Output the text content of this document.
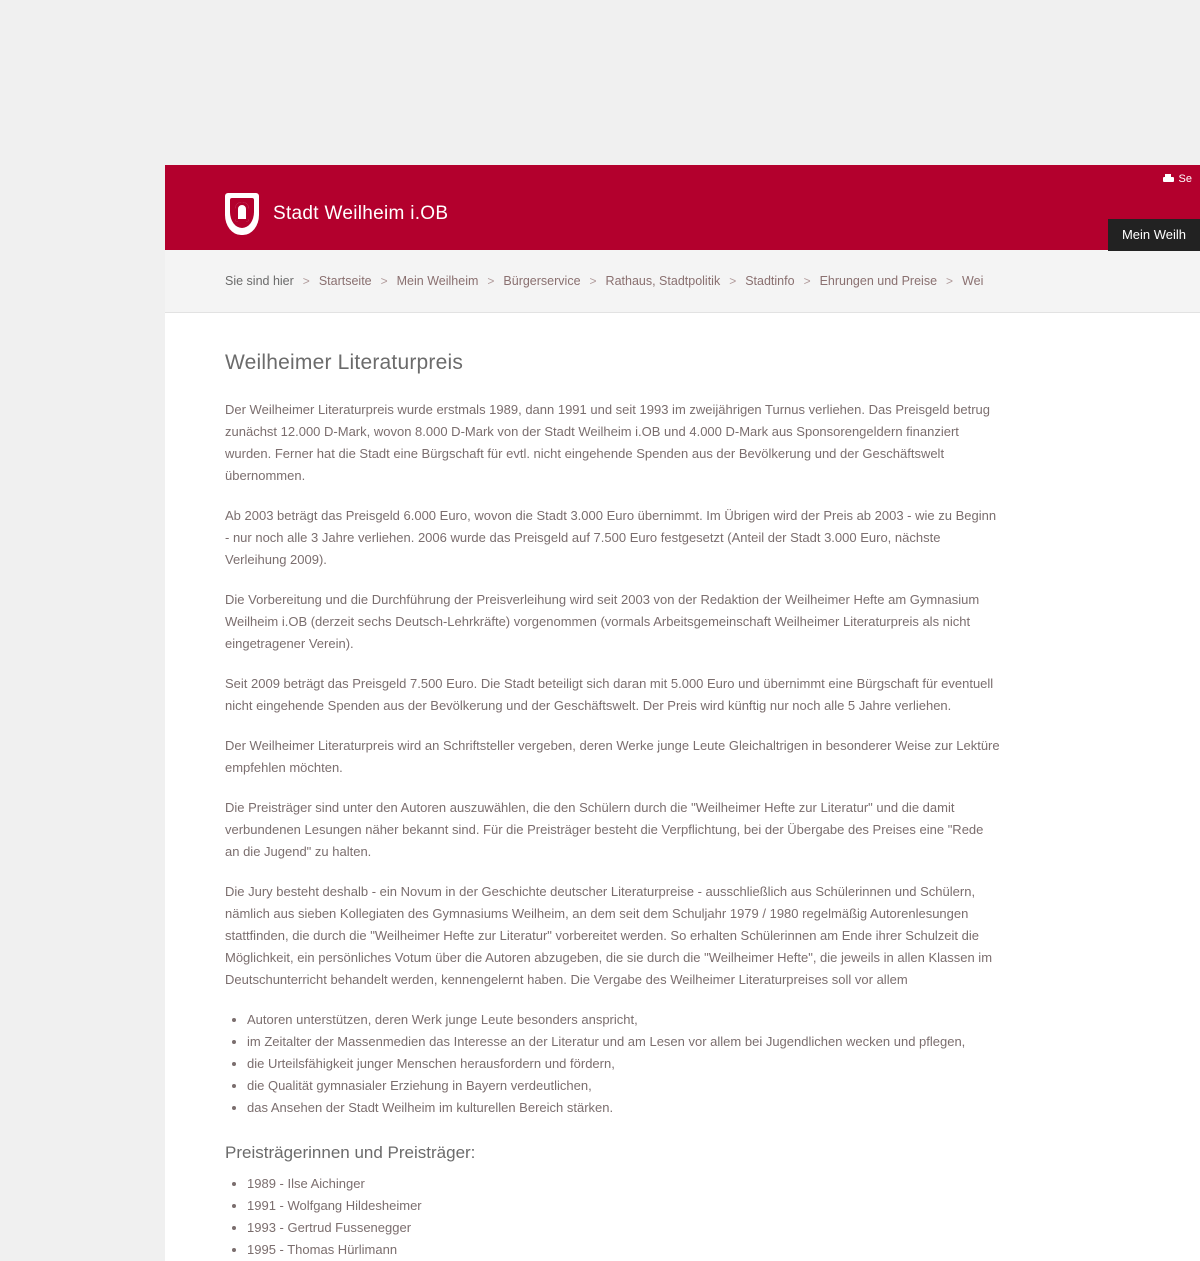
Stadt Weilheim i.OB
Se
Mein Weilh
Sie sind hier > Startseite > Mein Weilheim > Bürgerservice > Rathaus, Stadtpolitik > Stadtinfo > Ehrungen und Preise > Wei
Weilheimer Literaturpreis

Der Weilheimer Literaturpreis wurde erstmals 1989, dann 1991 und seit 1993 im zweijährigen Turnus verliehen. Das Preisgeld betrug zunächst 12.000 D-Mark, wovon 8.000 D-Mark von der Stadt Weilheim i.OB und 4.000 D-Mark aus Sponsorengeldern finanziert wurden. Ferner hat die Stadt eine Bürgschaft für evtl. nicht eingehende Spenden aus der Bevölkerung und der Geschäftswelt übernommen.

Ab 2003 beträgt das Preisgeld 6.000 Euro, wovon die Stadt 3.000 Euro übernimmt. Im Übrigen wird der Preis ab 2003 - wie zu Beginn - nur noch alle 3 Jahre verliehen. 2006 wurde das Preisgeld auf 7.500 Euro festgesetzt (Anteil der Stadt 3.000 Euro, nächste Verleihung 2009).

Die Vorbereitung und die Durchführung der Preisverleihung wird seit 2003 von der Redaktion der Weilheimer Hefte am Gymnasium Weilheim i.OB (derzeit sechs Deutsch-Lehrkräfte) vorgenommen (vormals Arbeitsgemeinschaft Weilheimer Literaturpreis als nicht eingetragener Verein).

Seit 2009 beträgt das Preisgeld 7.500 Euro. Die Stadt beteiligt sich daran mit 5.000 Euro und übernimmt eine Bürgschaft für eventuell nicht eingehende Spenden aus der Bevölkerung und der Geschäftswelt. Der Preis wird künftig nur noch alle 5 Jahre verliehen.

Der Weilheimer Literaturpreis wird an Schriftsteller vergeben, deren Werke junge Leute Gleichaltrigen in besonderer Weise zur Lektüre empfehlen möchten.

Die Preisträger sind unter den Autoren auszuwählen, die den Schülern durch die "Weilheimer Hefte zur Literatur" und die damit verbundenen Lesungen näher bekannt sind. Für die Preisträger besteht die Verpflichtung, bei der Übergabe des Preises eine "Rede an die Jugend" zu halten.

Die Jury besteht deshalb - ein Novum in der Geschichte deutscher Literaturpreise - ausschließlich aus Schülerinnen und Schülern, nämlich aus sieben Kollegiaten des Gymnasiums Weilheim, an dem seit dem Schuljahr 1979 / 1980 regelmäßig Autorenlesungen stattfinden, die durch die "Weilheimer Hefte zur Literatur" vorbereitet werden. So erhalten Schülerinnen am Ende ihrer Schulzeit die Möglichkeit, ein persönliches Votum über die Autoren abzugeben, die sie durch die "Weilheimer Hefte", die jeweils in allen Klassen im Deutschunterricht behandelt werden, kennengelernt haben. Die Vergabe des Weilheimer Literaturpreises soll vor allem

• Autoren unterstützen, deren Werk junge Leute besonders anspricht,
• im Zeitalter der Massenmedien das Interesse an der Literatur und am Lesen vor allem bei Jugendlichen wecken und pflegen,
• die Urteilsfähigkeit junger Menschen herausfordern und fördern,
• die Qualität gymnasialer Erziehung in Bayern verdeutlichen,
• das Ansehen der Stadt Weilheim im kulturellen Bereich stärken.
Preisträgerinnen und Preisträger:
• 1989 - Ilse Aichinger
• 1991 - Wolfgang Hildesheimer
• 1993 - Gertrud Fussenegger
• 1995 - Thomas Hürlimann
